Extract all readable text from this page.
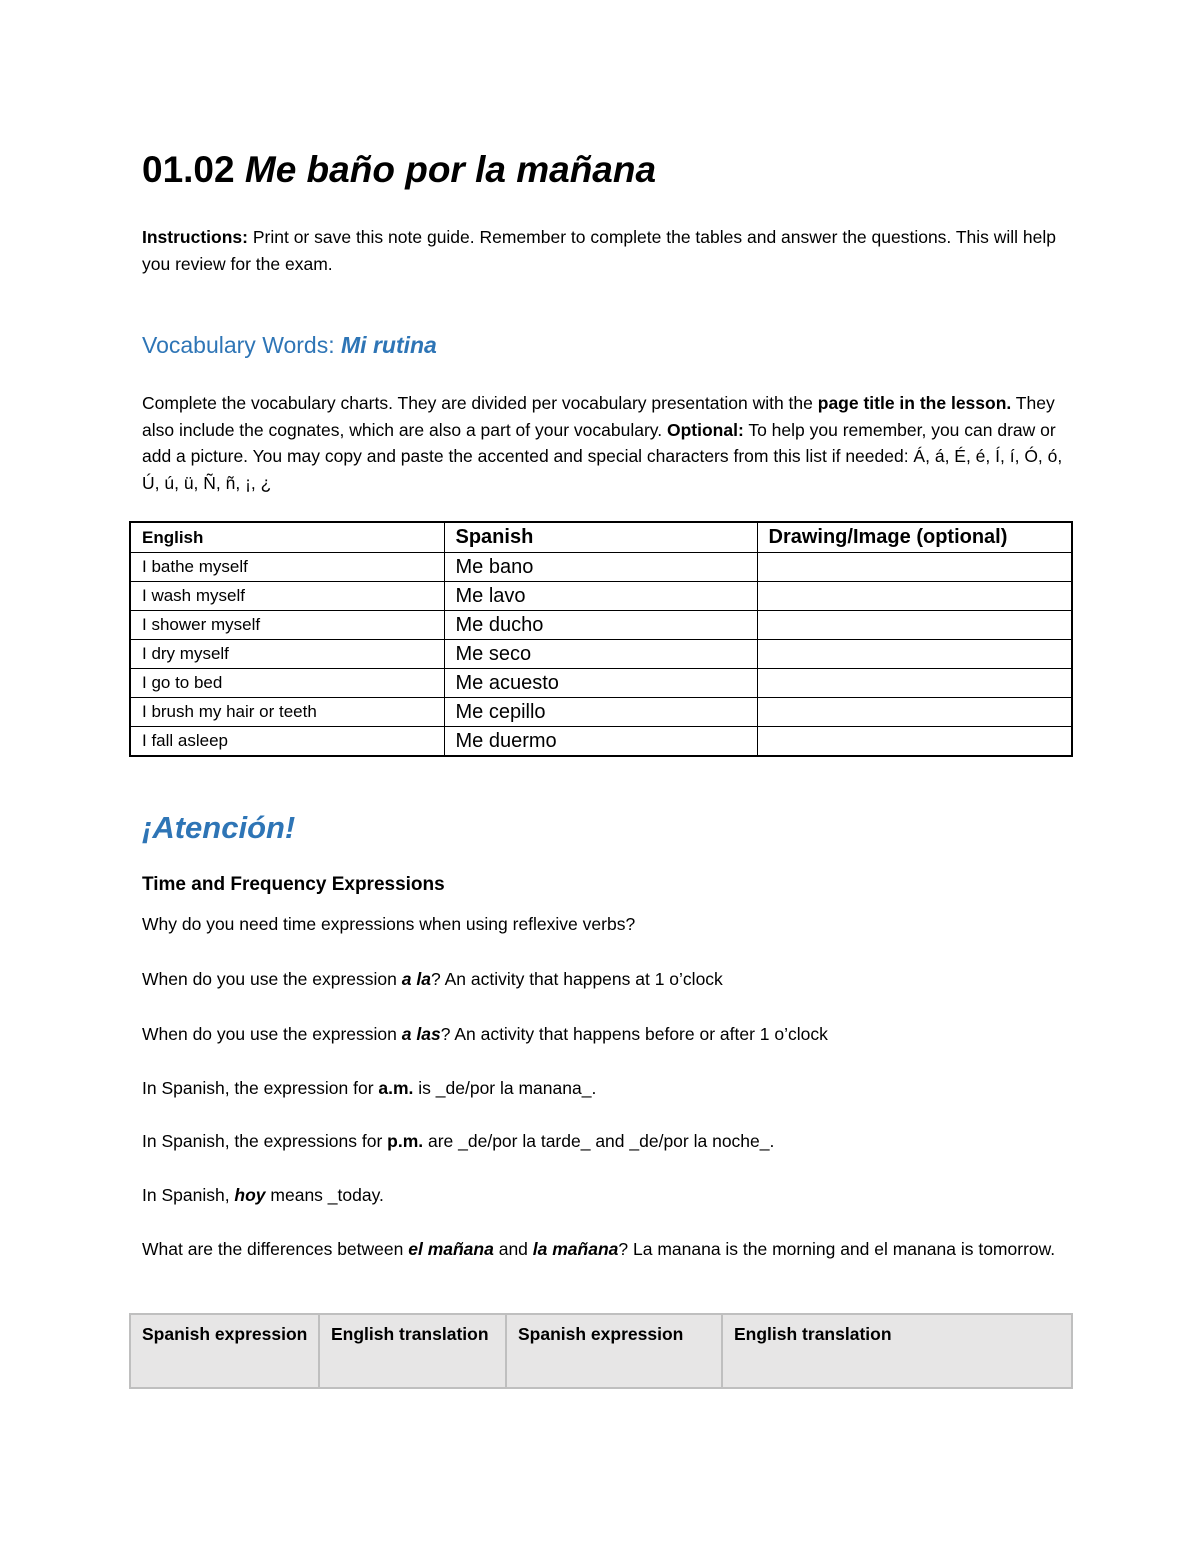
01.02 Me baño por la mañana

Instructions: Print or save this note guide. Remember to complete the tables and answer the questions. This will help you review for the exam.

Vocabulary Words: Mi rutina

Complete the vocabulary charts. They are divided per vocabulary presentation with the page title in the lesson. They also include the cognates, which are also a part of your vocabulary. Optional: To help you remember, you can draw or add a picture. You may copy and paste the accented and special characters from this list if needed: Á, á, É, é, Í, í, Ó, ó, Ú, ú, ü, Ñ, ñ, ¡, ¿

English	Spanish	Drawing/Image (optional)
I bathe myself	Me bano	
I wash myself	Me lavo	
I shower myself	Me ducho	
I dry myself	Me seco	
I go to bed	Me acuesto	
I brush my hair or teeth	Me cepillo	
I fall asleep	Me duermo	
¡Atención!
Time and Frequency Expressions

Why do you need time expressions when using reflexive verbs?

When do you use the expression a la? An activity that happens at 1 o’clock

When do you use the expression a las? An activity that happens before or after 1 o’clock

In Spanish, the expression for a.m. is _de/por la manana_.

In Spanish, the expressions for p.m. are _de/por la tarde_ and _de/por la noche_.

In Spanish, hoy means _today.

What are the differences between el mañana and la mañana? La manana is the morning and el manana is tomorrow.

Spanish expression	English translation	Spanish expression	English translation
